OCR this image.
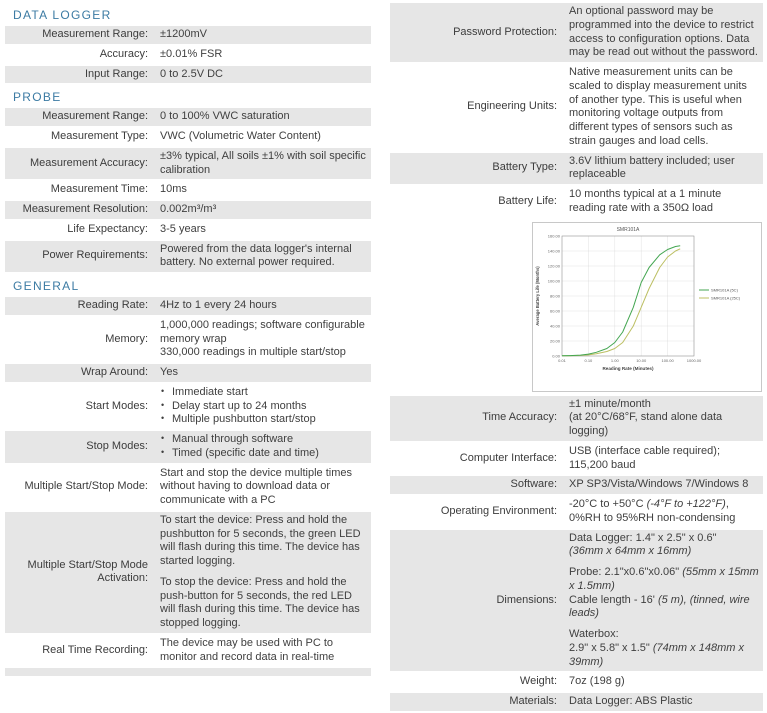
DATA LOGGER
Measurement Range:	±1200mV
Accuracy:	±0.01% FSR
Input Range:	0 to 2.5V DC
PROBE
Measurement Range:	0 to 100% VWC saturation
Measurement Type:	VWC (Volumetric Water Content)
Measurement Accuracy:
±3% typical, All soils ±1% with soil specific calibration
Measurement Time:	10ms
Measurement Resolution:	0.002m³/m³
Life Expectancy:	3-5 years
Power Requirements:
Powered from the data logger's internal battery. No external power required.
GENERAL
Reading Rate:	4Hz to 1 every 24 hours
Memory:
1,000,000 readings; software configurable memory wrap
330,000 readings in multiple start/stop
Wrap Around:	Yes
Start Modes:
• Immediate start
• Delay start up to 24 months
• Multiple pushbutton start/stop
Stop Modes:
• Manual through software
• Timed (specific date and time)
Multiple Start/Stop Mode:
Start and stop the device multiple times without having to download data or communicate with a PC
Multiple Start/Stop Mode Activation:
To start the device: Press and hold the pushbutton for 5 seconds, the green LED will flash during this time. The device has started logging.
To stop the device: Press and hold the push-button for 5 seconds, the red LED will flash during this time. The device has stopped logging.
Real Time Recording:
The device may be used with PC to monitor and record data in real-time
Password Protection:
An optional password may be programmed into the device to restrict access to configuration options. Data may be read out without the password.
Engineering Units:
Native measurement units can be scaled to display measurement units of another type. This is useful when monitoring voltage outputs from different types of sensors such as strain gauges and load cells.
Battery Type:
3.6V lithium battery included; user replaceable
Battery Life:
10 months typical at a 1 minute reading rate with a 350Ω load
SMR101A
0.00
20.00
40.00
60.00
80.00
100.00
120.00
140.00
160.00
0.01	0.10	1.00	10.00	100.00	1000.00
Reading Rate (Minutes)
Average Battery Life (Months)	SMR101A (5C)
SMR101A (25C)
Time Accuracy:
±1 minute/month
(at 20°C/68°F, stand alone data logging)
Computer Interface:
USB (interface cable required); 115,200 baud
Software:	XP SP3/Vista/Windows 7/Windows 8
Operating Environment:
-20°C to +50°C (-4°F to +122°F),
0%RH to 95%RH non-condensing
Dimensions:
Data Logger: 1.4" x 2.5" x 0.6"
(36mm x 64mm x 16mm)
Probe: 2.1"x0.6"x0.06" (55mm x 15mm x 1.5mm)
Cable length - 16' (5 m), (tinned, wire leads)
Waterbox:
2.9" x 5.8" x 1.5" (74mm x 148mm x 39mm)
Weight:	7oz (198 g)
Materials:	Data Logger: ABS Plastic
